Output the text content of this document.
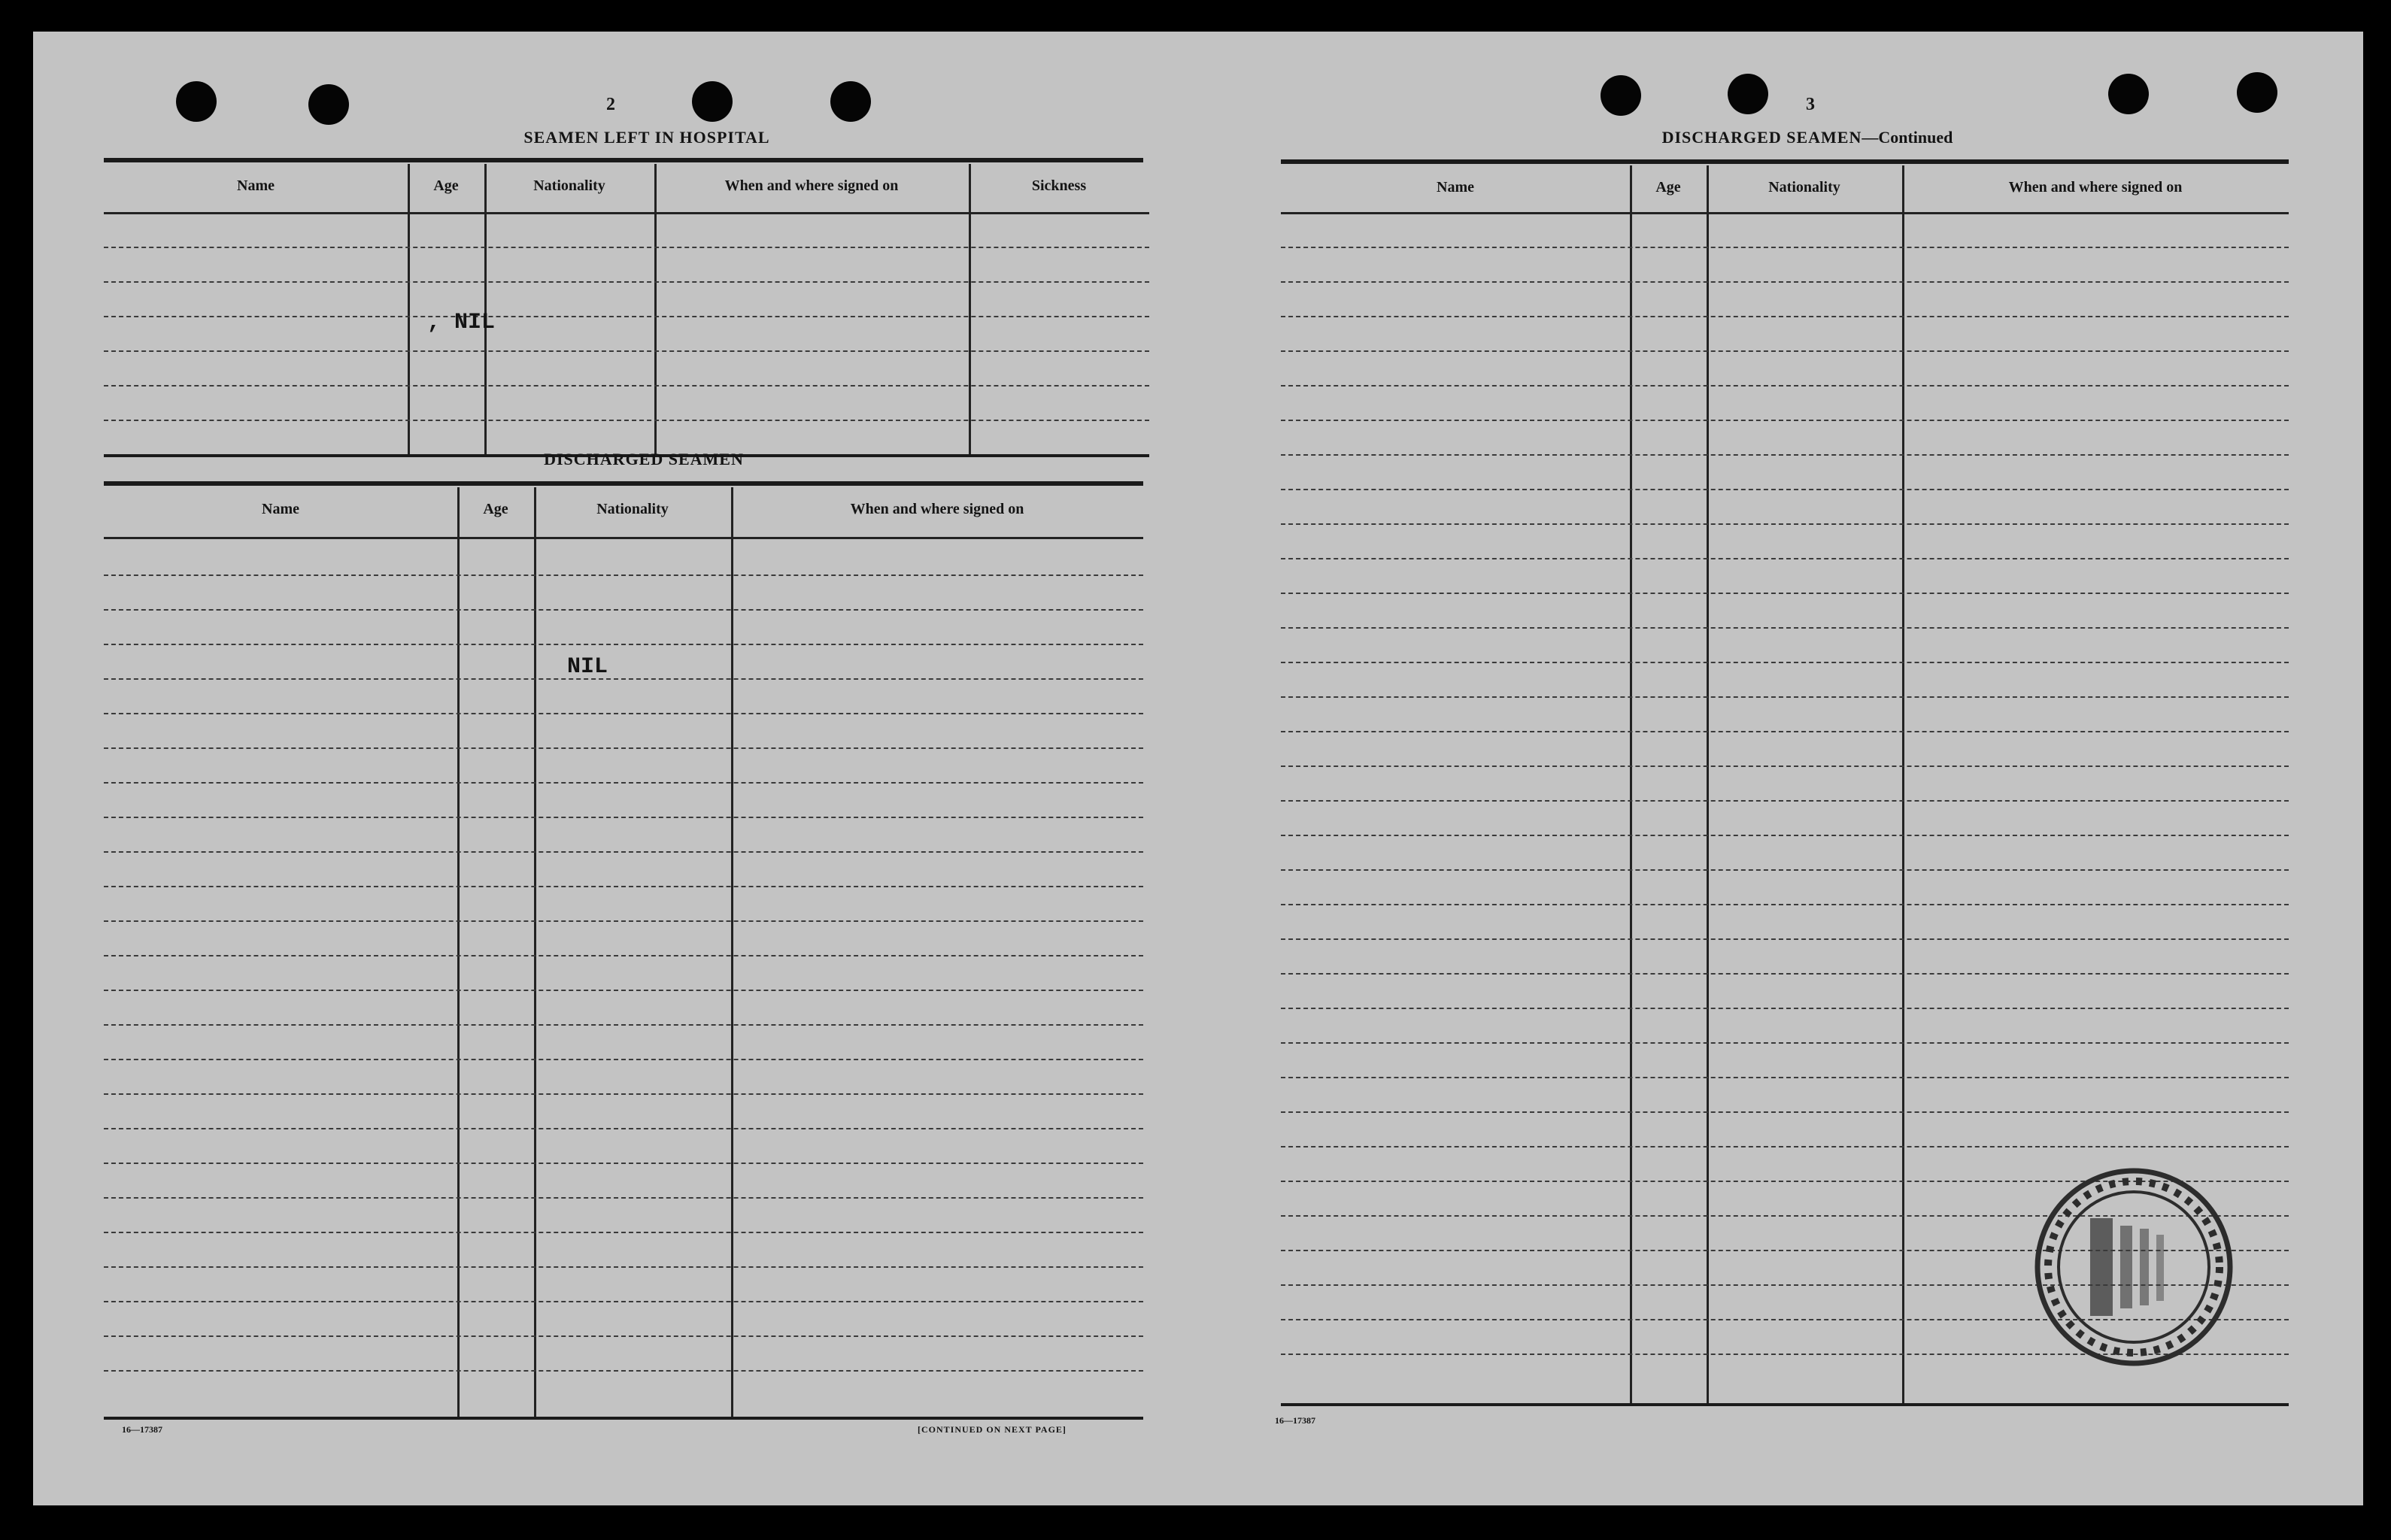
2
SEAMEN LEFT IN HOSPITAL
Name	Age	Nationality	When and where signed on	Sickness
, NIL
DISCHARGED SEAMEN
Name	Age	Nationality	When and where signed on
NIL
16—17387	[CONTINUED ON NEXT PAGE]
3
DISCHARGED SEAMEN—Continued
Name	Age	Nationality	When and where signed on
16—17387
